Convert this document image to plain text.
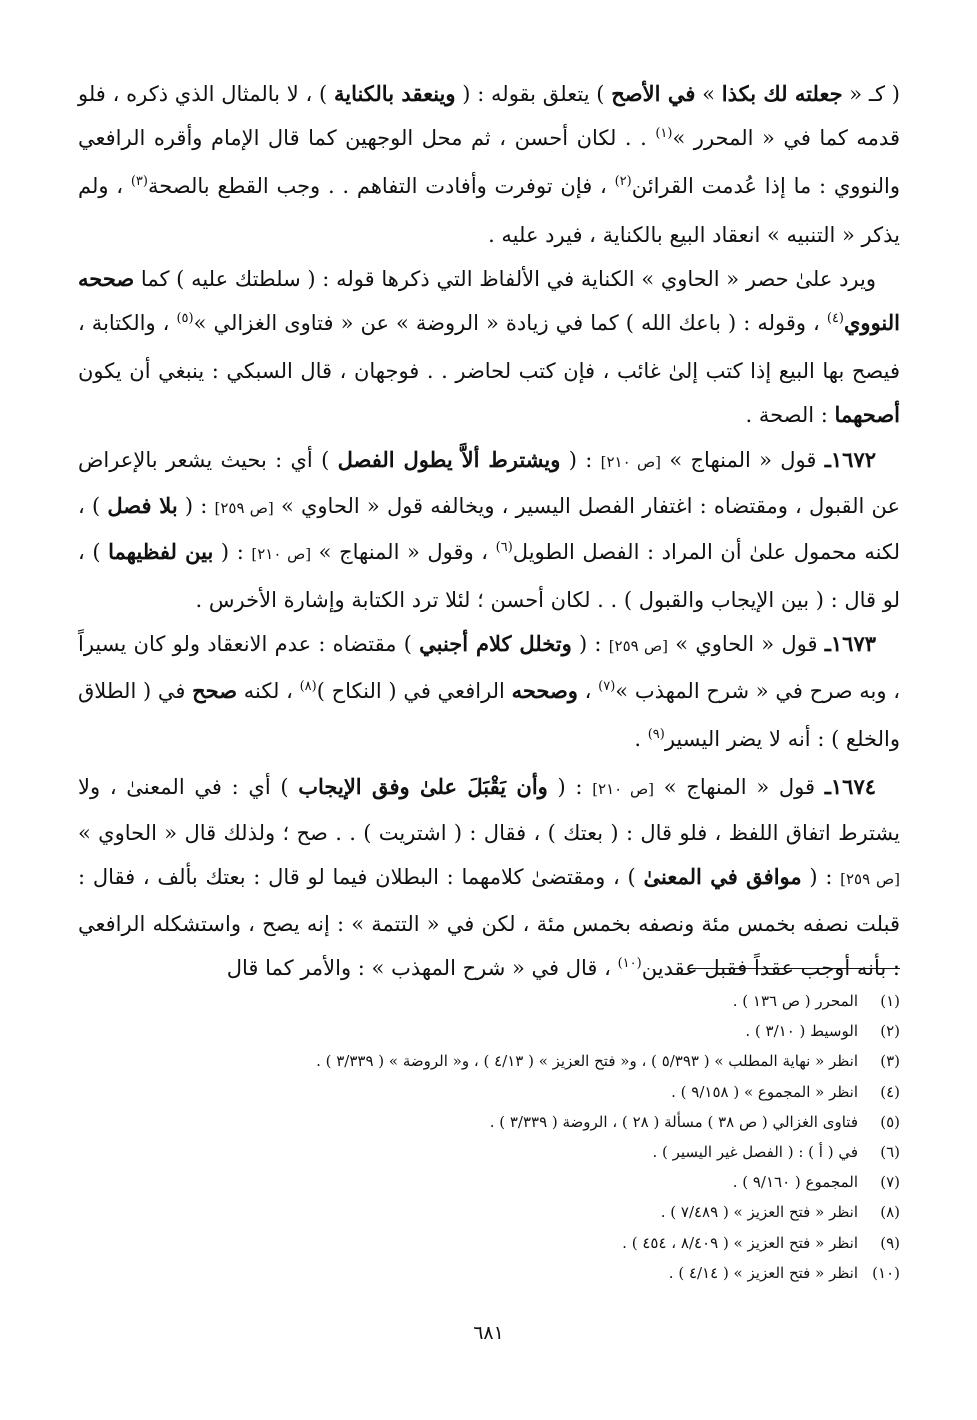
( كـ « جعلته لك بكذا » في الأصح ) يتعلق بقوله : ( وينعقد بالكناية ) ، لا بالمثال الذي ذكره ، فلو قدمه كما في « المحرر »$^{(١)}$ . . لكان أحسن ، ثم محل الوجهين كما قال الإمام وأقره الرافعي والنووي : ما إذا عُدمت القرائن$^{(٢)}$ ، فإن توفرت وأفادت التفاهم . . وجب القطع بالصحة$^{(٣)}$ ، ولم يذكر « التنبيه » انعقاد البيع بالكناية ، فيرد عليه .

ويرد علىٰ حصر « الحاوي » الكناية في الألفاظ التي ذكرها قوله : ( سلطتك عليه ) كما صححه النووي$^{(٤)}$ ، وقوله : ( باعك الله ) كما في زيادة « الروضة » عن « فتاوى الغزالي »$^{(٥)}$ ، والكتابة ، فيصح بها البيع إذا كتب إلىٰ غائب ، فإن كتب لحاضر . . فوجهان ، قال السبكي : ينبغي أن يكون أصحهما : الصحة .

١٦٧٢ـ قول « المنهاج » [ص ٢١٠] : ( ويشترط ألاَّ يطول الفصل ) أي : بحيث يشعر بالإعراض عن القبول ، ومقتضاه : اغتفار الفصل اليسير ، ويخالفه قول « الحاوي » [ص ٢٥٩] : ( بلا فصل ) ، لكنه محمول علىٰ أن المراد : الفصل الطويل$^{(٦)}$ ، وقول « المنهاج » [ص ٢١٠] : ( بين لفظيهما ) ، لو قال : ( بين الإيجاب والقبول ) . . لكان أحسن ؛ لئلا ترد الكتابة وإشارة الأخرس .

١٦٧٣ـ قول « الحاوي » [ص ٢٥٩] : ( وتخلل كلام أجنبي ) مقتضاه : عدم الانعقاد ولو كان يسيراً ، وبه صرح في « شرح المهذب »$^{(٧)}$ ، وصححه الرافعي في ( النكاح )$^{(٨)}$ ، لكنه صحح في ( الطلاق والخلع ) : أنه لا يضر اليسير$^{(٩)}$ .

١٦٧٤ـ قول « المنهاج » [ص ٢١٠] : ( وأن يَقْبَلَ علىٰ وفق الإيجاب ) أي : في المعنىٰ ، ولا يشترط اتفاق اللفظ ، فلو قال : ( بعتك ) ، فقال : ( اشتريت ) . . صح ؛ ولذلك قال « الحاوي » [ص ٢٥٩] : ( موافق في المعنىٰ ) ، ومقتضىٰ كلامهما : البطلان فيما لو قال : بعتك بألف ، فقال : قبلت نصفه بخمس مئة ونصفه بخمس مئة ، لكن في « التتمة » : إنه يصح ، واستشكله الرافعي : بأنه أوجب عقداً فقبل عقدين$^{(١٠)}$ ، قال في « شرح المهذب » : والأمر كما قال

(١)
المحرر ( ص ١٣٦ ) .
(٢)
الوسيط ( ٣/١٠ ) .
(٣)
انظر « نهاية المطلب » ( ٥/٣٩٣ ) ، و« فتح العزيز » ( ٤/١٣ ) ، و« الروضة » ( ٣/٣٣٩ ) .
(٤)
انظر « المجموع » ( ٩/١٥٨ ) .
(٥)
فتاوى الغزالي ( ص ٣٨ ) مسألة ( ٢٨ ) ، الروضة ( ٣/٣٣٩ ) .
(٦)
في ( أ ) : ( الفصل غير اليسير ) .
(٧)
المجموع ( ٩/١٦٠ ) .
(٨)
انظر « فتح العزيز » ( ٧/٤٨٩ ) .
(٩)
انظر « فتح العزيز » ( ٨/٤٠٩ ، ٤٥٤ ) .
(١٠)
انظر « فتح العزيز » ( ٤/١٤ ) .
٦٨١
